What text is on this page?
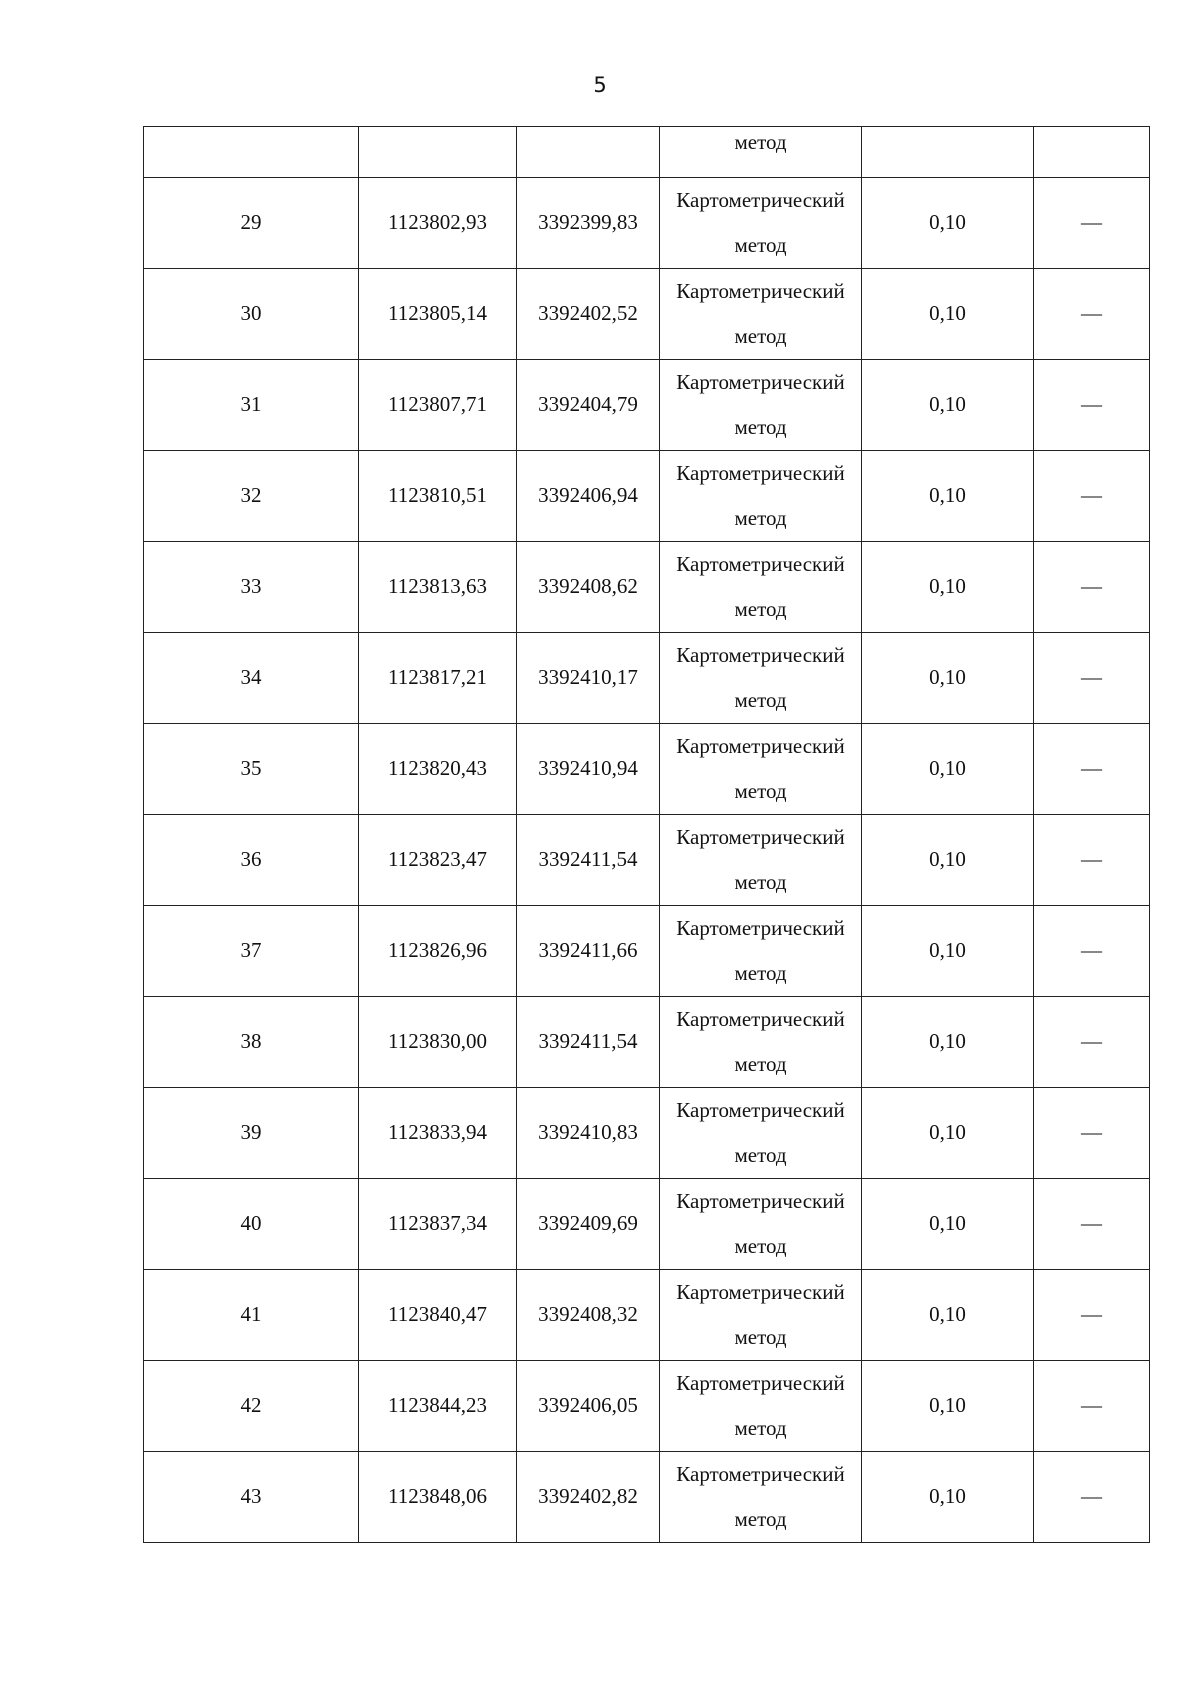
5

			метод		

29	1123802,93	3392399,83	Картометрический
метод	0,10	—

30	1123805,14	3392402,52	Картометрический
метод	0,10	—

31	1123807,71	3392404,79	Картометрический
метод	0,10	—

32	1123810,51	3392406,94	Картометрический
метод	0,10	—

33	1123813,63	3392408,62	Картометрический
метод	0,10	—

34	1123817,21	3392410,17	Картометрический
метод	0,10	—

35	1123820,43	3392410,94	Картометрический
метод	0,10	—

36	1123823,47	3392411,54	Картометрический
метод	0,10	—

37	1123826,96	3392411,66	Картометрический
метод	0,10	—

38	1123830,00	3392411,54	Картометрический
метод	0,10	—

39	1123833,94	3392410,83	Картометрический
метод	0,10	—

40	1123837,34	3392409,69	Картометрический
метод	0,10	—

41	1123840,47	3392408,32	Картометрический
метод	0,10	—

42	1123844,23	3392406,05	Картометрический
метод	0,10	—

43	1123848,06	3392402,82	Картометрический
метод	0,10	—
